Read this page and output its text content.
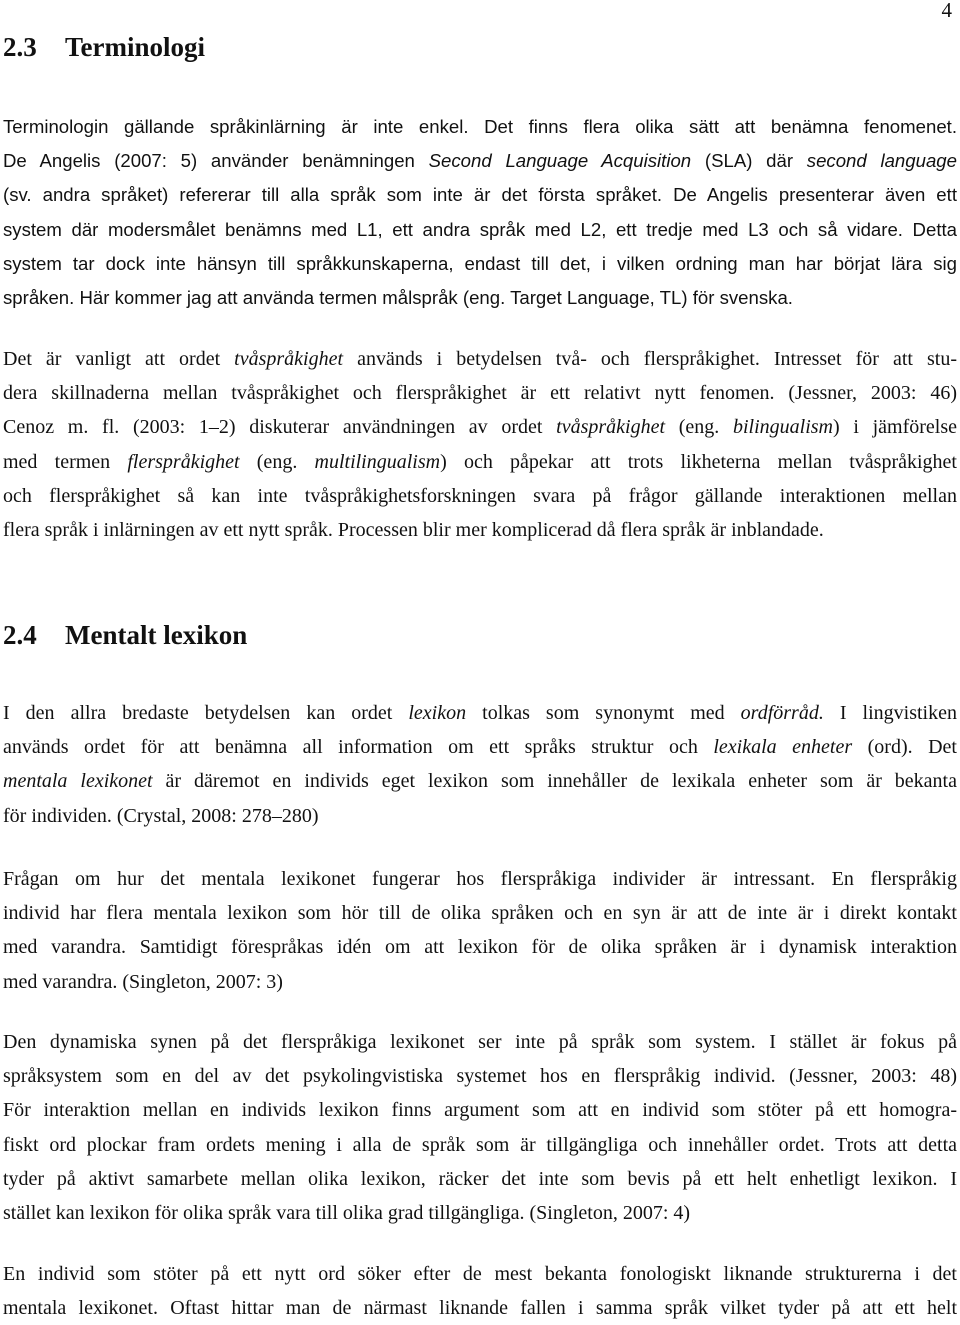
4
2.3 Terminologi
Terminologin gällande språkinlärning är inte enkel. Det finns flera olika sätt att benämna fenomenet.
De Angelis (2007: 5) använder benämningen Second Language Acquisition (SLA) där second language
(sv. andra språket) refererar till alla språk som inte är det första språket. De Angelis presenterar även ett
system där modersmålet benämns med L1, ett andra språk med L2, ett tredje med L3 och så vidare. Detta
system tar dock inte hänsyn till språkkunskaperna, endast till det, i vilken ordning man har börjat lära sig
språken. Här kommer jag att använda termen målspråk (eng. Target Language, TL) för svenska.
Det är vanligt att ordet tvåspråkighet används i betydelsen två- och flerspråkighet. Intresset för att stu-
dera skillnaderna mellan tvåspråkighet och flerspråkighet är ett relativt nytt fenomen. (Jessner, 2003: 46)
Cenoz m. fl. (2003: 1–2) diskuterar användningen av ordet tvåspråkighet (eng. bilingualism) i jämförelse
med termen flerspråkighet (eng. multilingualism) och påpekar att trots likheterna mellan tvåspråkighet
och flerspråkighet så kan inte tvåspråkighetsforskningen svara på frågor gällande interaktionen mellan
flera språk i inlärningen av ett nytt språk. Processen blir mer komplicerad då flera språk är inblandade.
2.4 Mentalt lexikon
I den allra bredaste betydelsen kan ordet lexikon tolkas som synonymt med ordförråd. I lingvistiken
används ordet för att benämna all information om ett språks struktur och lexikala enheter (ord). Det
mentala lexikonet är däremot en individs eget lexikon som innehåller de lexikala enheter som är bekanta
för individen. (Crystal, 2008: 278–280)
Frågan om hur det mentala lexikonet fungerar hos flerspråkiga individer är intressant. En flerspråkig
individ har flera mentala lexikon som hör till de olika språken och en syn är att de inte är i direkt kontakt
med varandra. Samtidigt förespråkas idén om att lexikon för de olika språken är i dynamisk interaktion
med varandra. (Singleton, 2007: 3)
Den dynamiska synen på det flerspråkiga lexikonet ser inte på språk som system. I stället är fokus på
språksystem som en del av det psykolingvistiska systemet hos en flerspråkig individ. (Jessner, 2003: 48)
För interaktion mellan en individs lexikon finns argument som att en individ som stöter på ett homogra-
fiskt ord plockar fram ordets mening i alla de språk som är tillgängliga och innehåller ordet. Trots att detta
tyder på aktivt samarbete mellan olika lexikon, räcker det inte som bevis på ett helt enhetligt lexikon. I
stället kan lexikon för olika språk vara till olika grad tillgängliga. (Singleton, 2007: 4)
En individ som stöter på ett nytt ord söker efter de mest bekanta fonologiskt liknande strukturerna i det
mentala lexikonet. Oftast hittar man de närmast liknande fallen i samma språk vilket tyder på att ett helt
